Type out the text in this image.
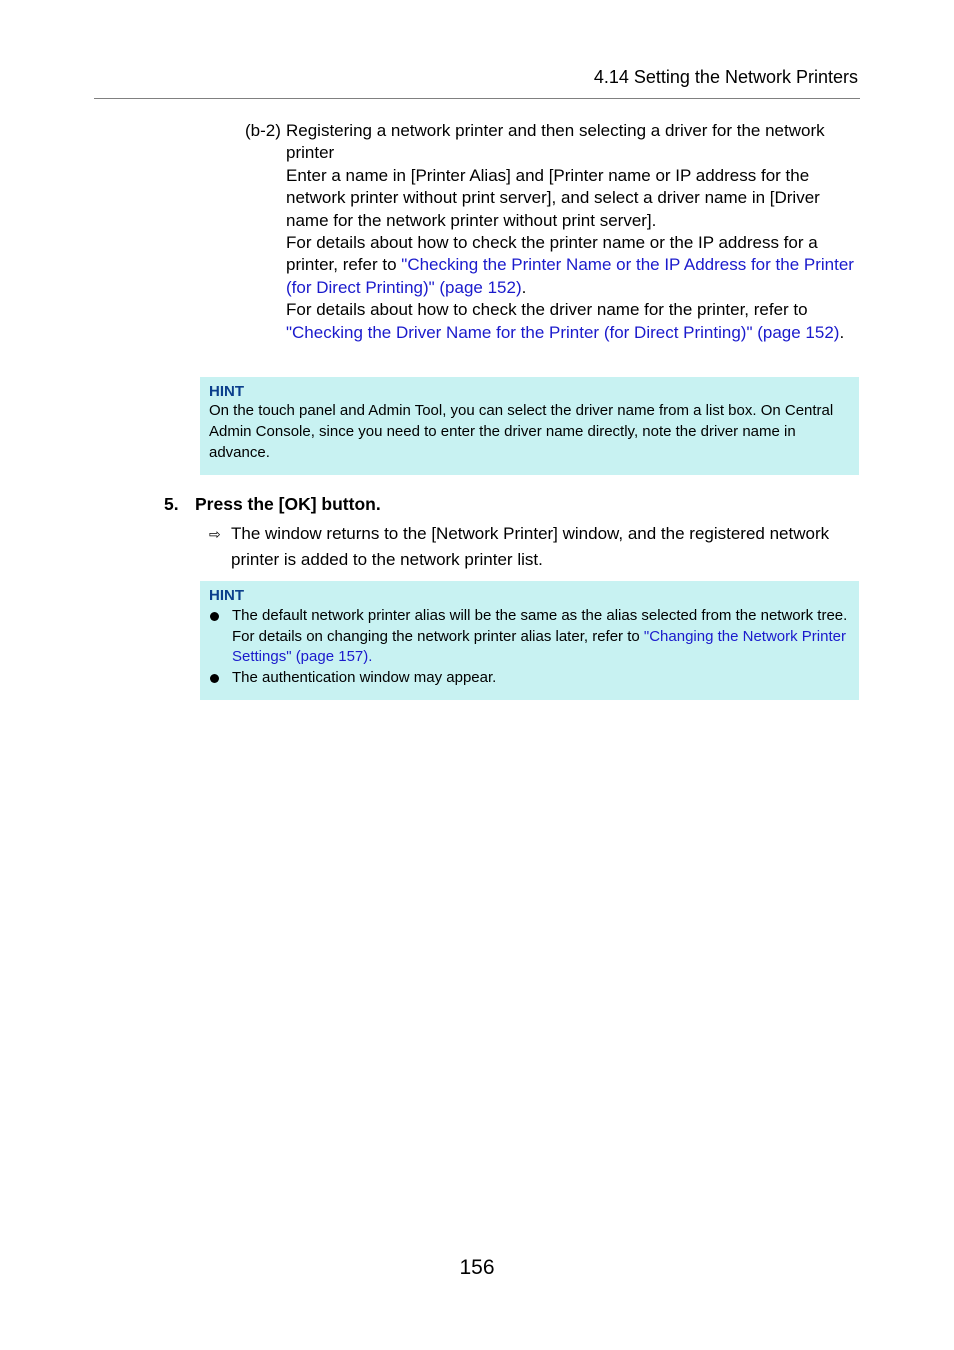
4.14 Setting the Network Printers
(b-2) Registering a network printer and then selecting a driver for the network printer

Enter a name in [Printer Alias] and [Printer name or IP address for the network printer without print server], and select a driver name in [Driver name for the network printer without print server].

For details about how to check the printer name or the IP address for a printer, refer to "Checking the Printer Name or the IP Address for the Printer (for Direct Printing)" (page 152).

For details about how to check the driver name for the printer, refer to "Checking the Driver Name for the Printer (for Direct Printing)" (page 152).

HINT
On the touch panel and Admin Tool, you can select the driver name from a list box. On Central Admin Console, since you need to enter the driver name directly, note the driver name in advance.
5. Press the [OK] button.
⇨ The window returns to the [Network Printer] window, and the registered network printer is added to the network printer list.
HINT
The default network printer alias will be the same as the alias selected from the network tree. For details on changing the network printer alias later, refer to "Changing the Network Printer Settings" (page 157).
The authentication window may appear.
156
